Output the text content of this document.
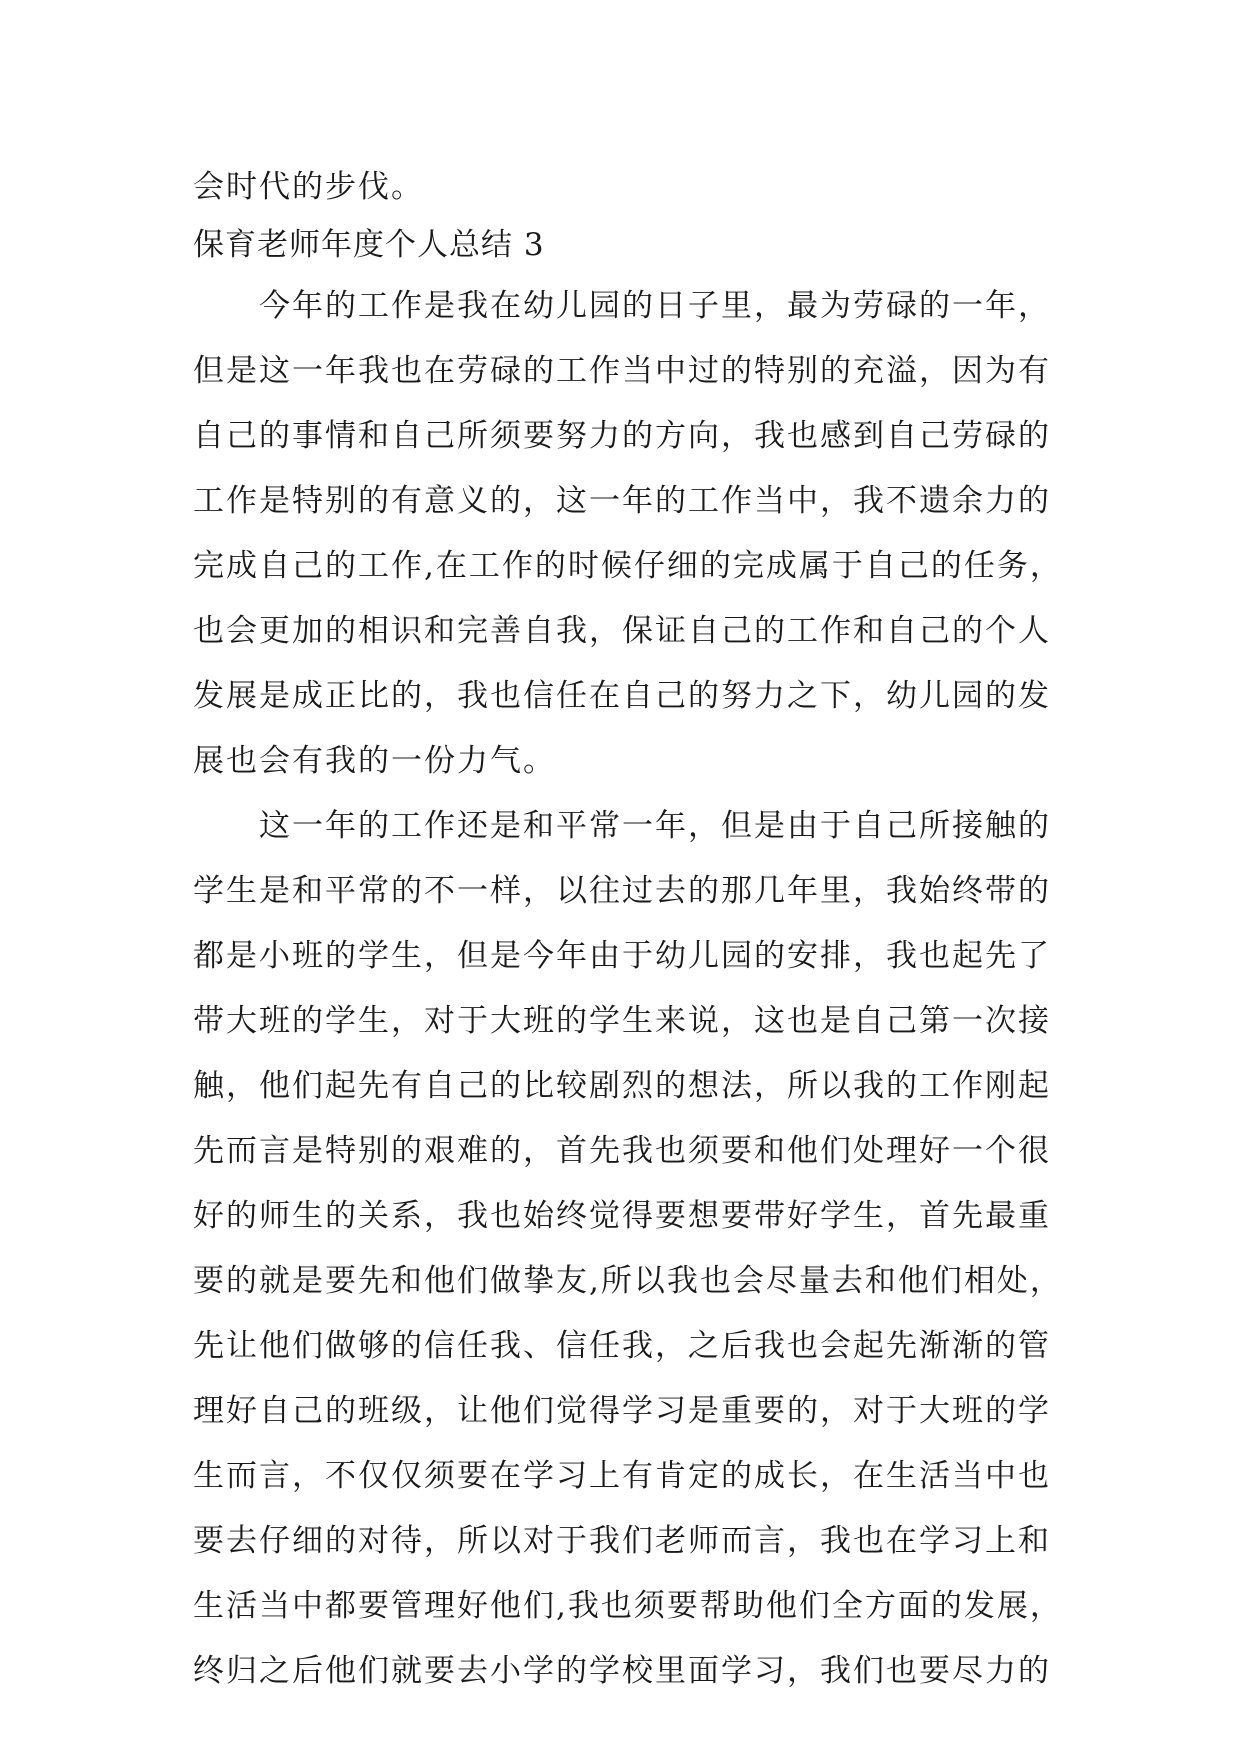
会时代的步伐。
保育老师年度个人总结 3
今年的工作是我在幼儿园的日子里，最为劳碌的一年，
但是这一年我也在劳碌的工作当中过的特别的充溢，因为有
自己的事情和自己所须要努力的方向，我也感到自己劳碌的
工作是特别的有意义的，这一年的工作当中，我不遗余力的
完成自己的工作,在工作的时候仔细的完成属于自己的任务，
也会更加的相识和完善自我，保证自己的工作和自己的个人
发展是成正比的，我也信任在自己的努力之下，幼儿园的发
展也会有我的一份力气。
这一年的工作还是和平常一年，但是由于自己所接触的
学生是和平常的不一样，以往过去的那几年里，我始终带的
都是小班的学生，但是今年由于幼儿园的安排，我也起先了
带大班的学生，对于大班的学生来说，这也是自己第一次接
触，他们起先有自己的比较剧烈的想法，所以我的工作刚起
先而言是特别的艰难的，首先我也须要和他们处理好一个很
好的师生的关系，我也始终觉得要想要带好学生，首先最重
要的就是要先和他们做挚友,所以我也会尽量去和他们相处，
先让他们做够的信任我、信任我，之后我也会起先渐渐的管
理好自己的班级，让他们觉得学习是重要的，对于大班的学
生而言，不仅仅须要在学习上有肯定的成长，在生活当中也
要去仔细的对待，所以对于我们老师而言，我也在学习上和
生活当中都要管理好他们,我也须要帮助他们全方面的发展，
终归之后他们就要去小学的学校里面学习，我们也要尽力的
